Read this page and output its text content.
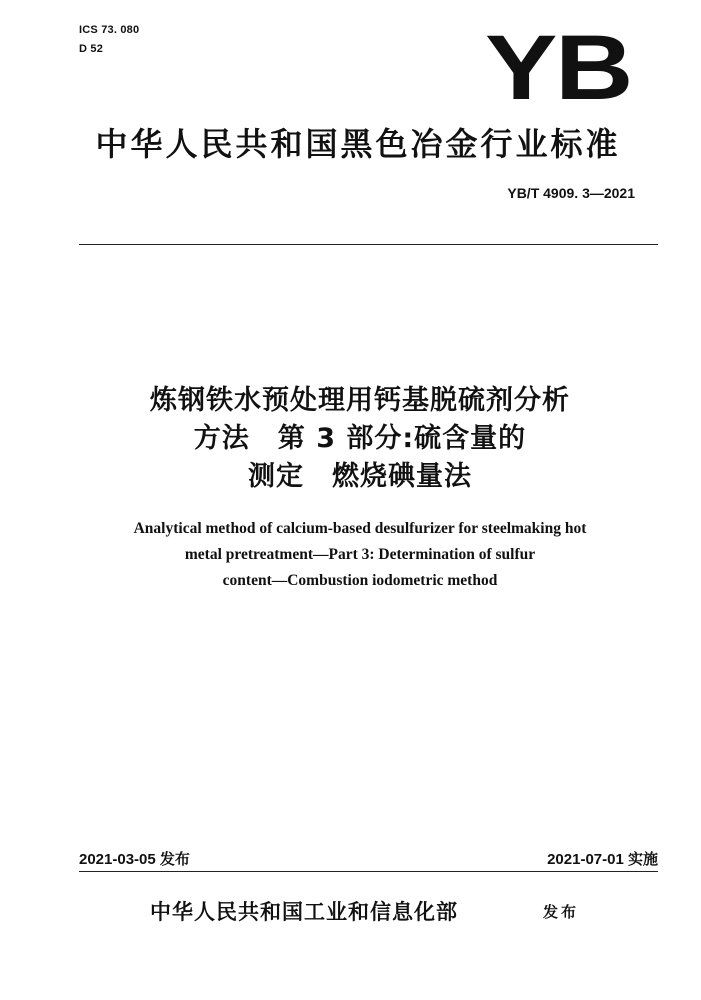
ICS 73. 080
D 52	YB
中华人民共和国黑色冶金行业标准
YB/T 4909. 3—2021
炼钢铁水预处理用钙基脱硫剂分析
方法　第 3 部分:硫含量的
测定　燃烧碘量法
Analytical method of calcium-based desulfurizer for steelmaking hot
metal pretreatment—Part 3: Determination of sulfur
content—Combustion iodometric method
2021-03-05 发布	2021-07-01 实施
中华人民共和国工业和信息化部	发布
